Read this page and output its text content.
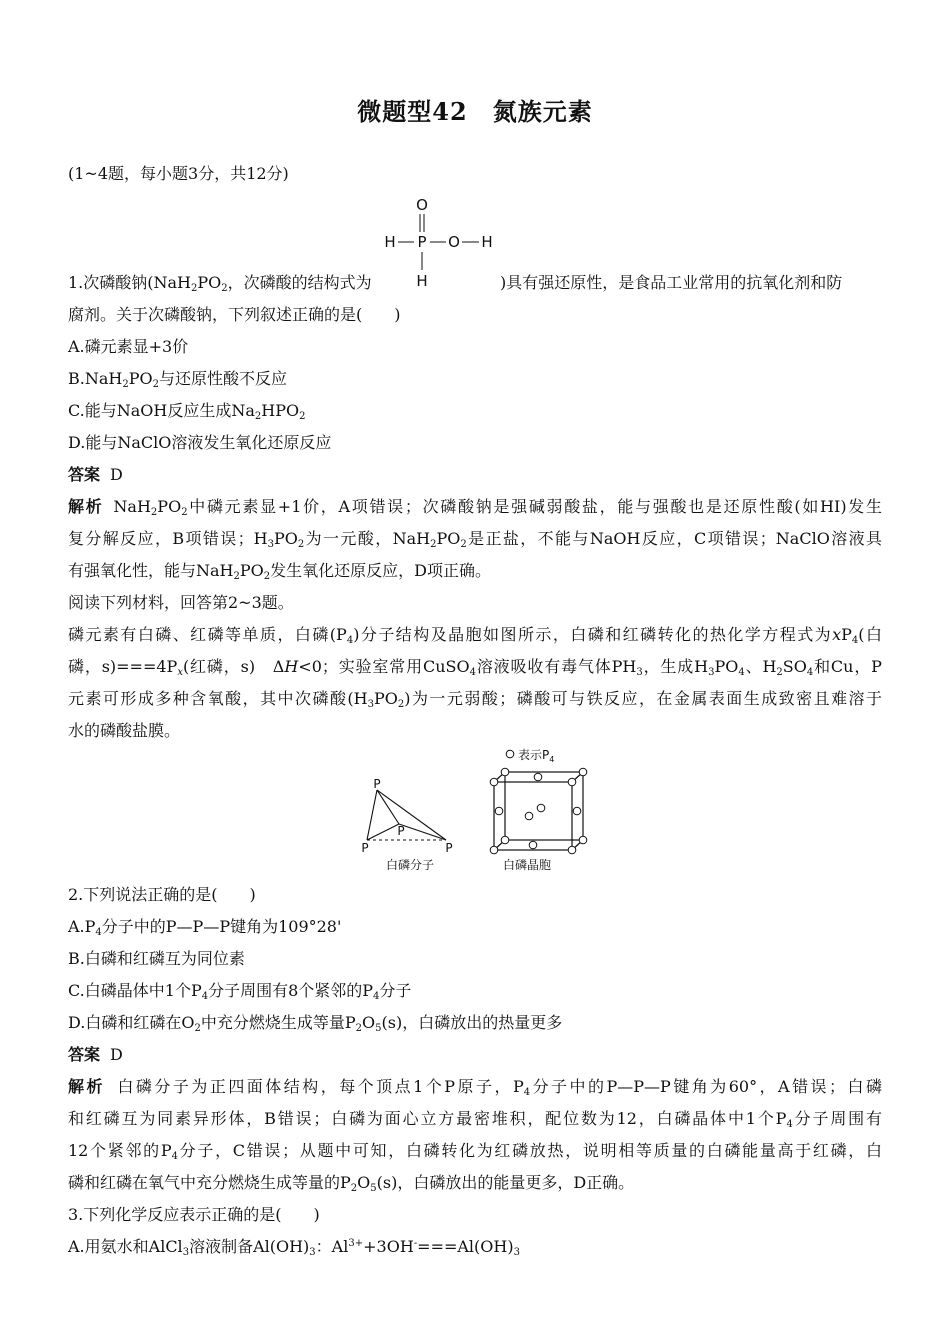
微题型42　氮族元素
(1~4题，每小题3分，共12分)
O
H P O H
H
1.次磷酸钠($NaH_2PO_2$，次磷酸的结构式为	)具有强还原性，是食品工业常用的抗氧化剂和防
腐剂。关于次磷酸钠，下列叙述正确的是(　　)
A.磷元素显+3价
$B.NaH_2PO_2$与还原性酸不反应
C.能与NaOH反应生成$Na_2HPO_2$
D.能与NaClO溶液发生氧化还原反应
答案 D
解析 $NaH_2PO_2$中磷元素显+1价，A项错误；次磷酸钠是强碱弱酸盐，能与强酸也是还原性酸(如HI)发生
复分解反应，B项错误；$H_3PO_2$为一元酸，$NaH_2PO_2$是正盐，不能与NaOH反应，C项错误；NaClO溶液具
有强氧化性，能与$NaH_2PO_2$发生氧化还原反应，D项正确。
阅读下列材料，回答第2~3题。
磷元素有白磷、红磷等单质，白磷$(P_4)$分子结构及晶胞如图所示，白磷和红磷转化的热化学方程式为$xP_4$(白
磷，$s)===4P_x$(红磷，s)　ΔH<0；实验室常用CuSO$_4$溶液吸收有毒气体$PH_3$，生成$H_3PO_4$、$H_2SO_4$和Cu，P
元素可形成多种含氧酸，其中次磷酸$(H_3PO_2)$为一元弱酸；磷酸可与铁反应，在金属表面生成致密且难溶于
水的磷酸盐膜。
P
P
P	P
白磷分子
表示$P_4$
白磷晶胞
2.下列说法正确的是(　　)
$A.P_4$分子中的P—P—P键角为109°28'
B.白磷和红磷互为同位素
C.白磷晶体中1个$P_4$分子周围有8个紧邻的$P_4$分子
D.白磷和红磷在$O_2$中充分燃烧生成等量$P_2O_5(s)$，白磷放出的热量更多
答案 D
解析 白磷分子为正四面体结构，每个顶点1个P原子，$P_4$分子中的P—P—P键角为60°，A错误；白磷
和红磷互为同素异形体，B错误；白磷为面心立方最密堆积，配位数为12，白磷晶体中1个$P_4$分子周围有
12个紧邻的$P_4$分子，C错误；从题中可知，白磷转化为红磷放热，说明相等质量的白磷能量高于红磷，白
磷和红磷在氧气中充分燃烧生成等量的$P_2O_5(s)$，白磷放出的能量更多，D正确。
3.下列化学反应表示正确的是(　　)
A.用氨水和AlCl$_3$溶液制备$Al(OH)_3$：$Al^{3+}+3OH^-===Al(OH)_3$
